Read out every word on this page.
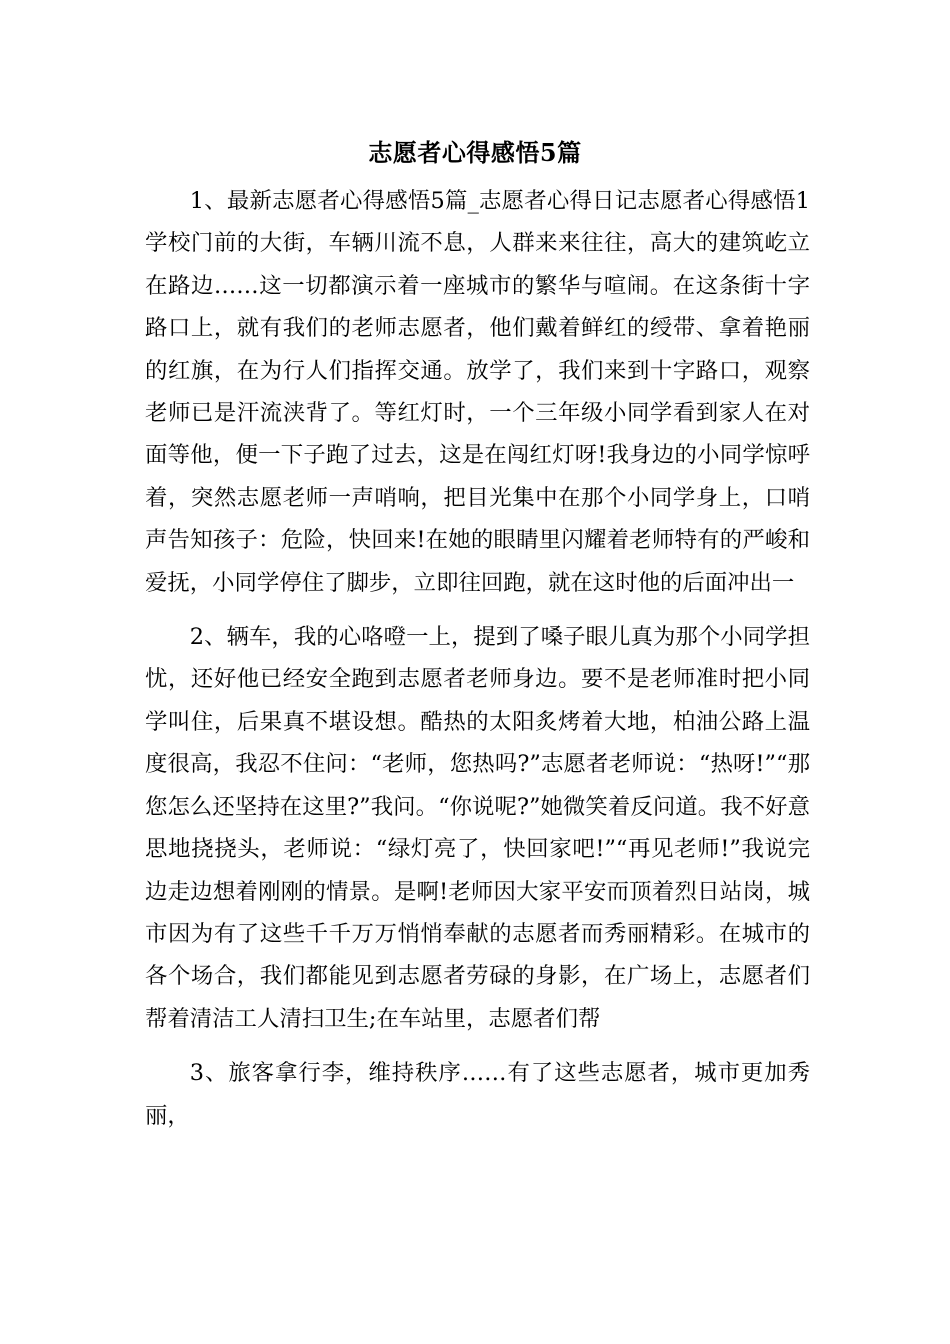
志愿者心得感悟5篇

1、最新志愿者心得感悟5篇_志愿者心得日记志愿者心得感悟1学校门前的大街，车辆川流不息，人群来来往往，高大的建筑屹立在路边……这一切都演示着一座城市的繁华与喧闹。在这条街十字路口上，就有我们的老师志愿者，他们戴着鲜红的绶带、拿着艳丽的红旗，在为行人们指挥交通。放学了，我们来到十字路口，观察老师已是汗流浃背了。等红灯时，一个三年级小同学看到家人在对面等他，便一下子跑了过去，这是在闯红灯呀!我身边的小同学惊呼着，突然志愿老师一声哨响，把目光集中在那个小同学身上，口哨声告知孩子：危险，快回来!在她的眼睛里闪耀着老师特有的严峻和爱抚，小同学停住了脚步，立即往回跑，就在这时他的后面冲出一

2、辆车，我的心咯噔一上，提到了嗓子眼儿真为那个小同学担忧，还好他已经安全跑到志愿者老师身边。要不是老师准时把小同学叫住，后果真不堪设想。酷热的太阳炙烤着大地，柏油公路上温度很高，我忍不住问：“老师，您热吗?”志愿者老师说：“热呀!”“那您怎么还坚持在这里?”我问。“你说呢?”她微笑着反问道。我不好意思地挠挠头，老师说：“绿灯亮了，快回家吧!”“再见老师!”我说完边走边想着刚刚的情景。是啊!老师因大家平安而顶着烈日站岗，城市因为有了这些千千万万悄悄奉献的志愿者而秀丽精彩。在城市的各个场合，我们都能见到志愿者劳碌的身影，在广场上，志愿者们帮着清洁工人清扫卫生;在车站里，志愿者们帮

3、旅客拿行李，维持秩序……有了这些志愿者，城市更加秀丽，
